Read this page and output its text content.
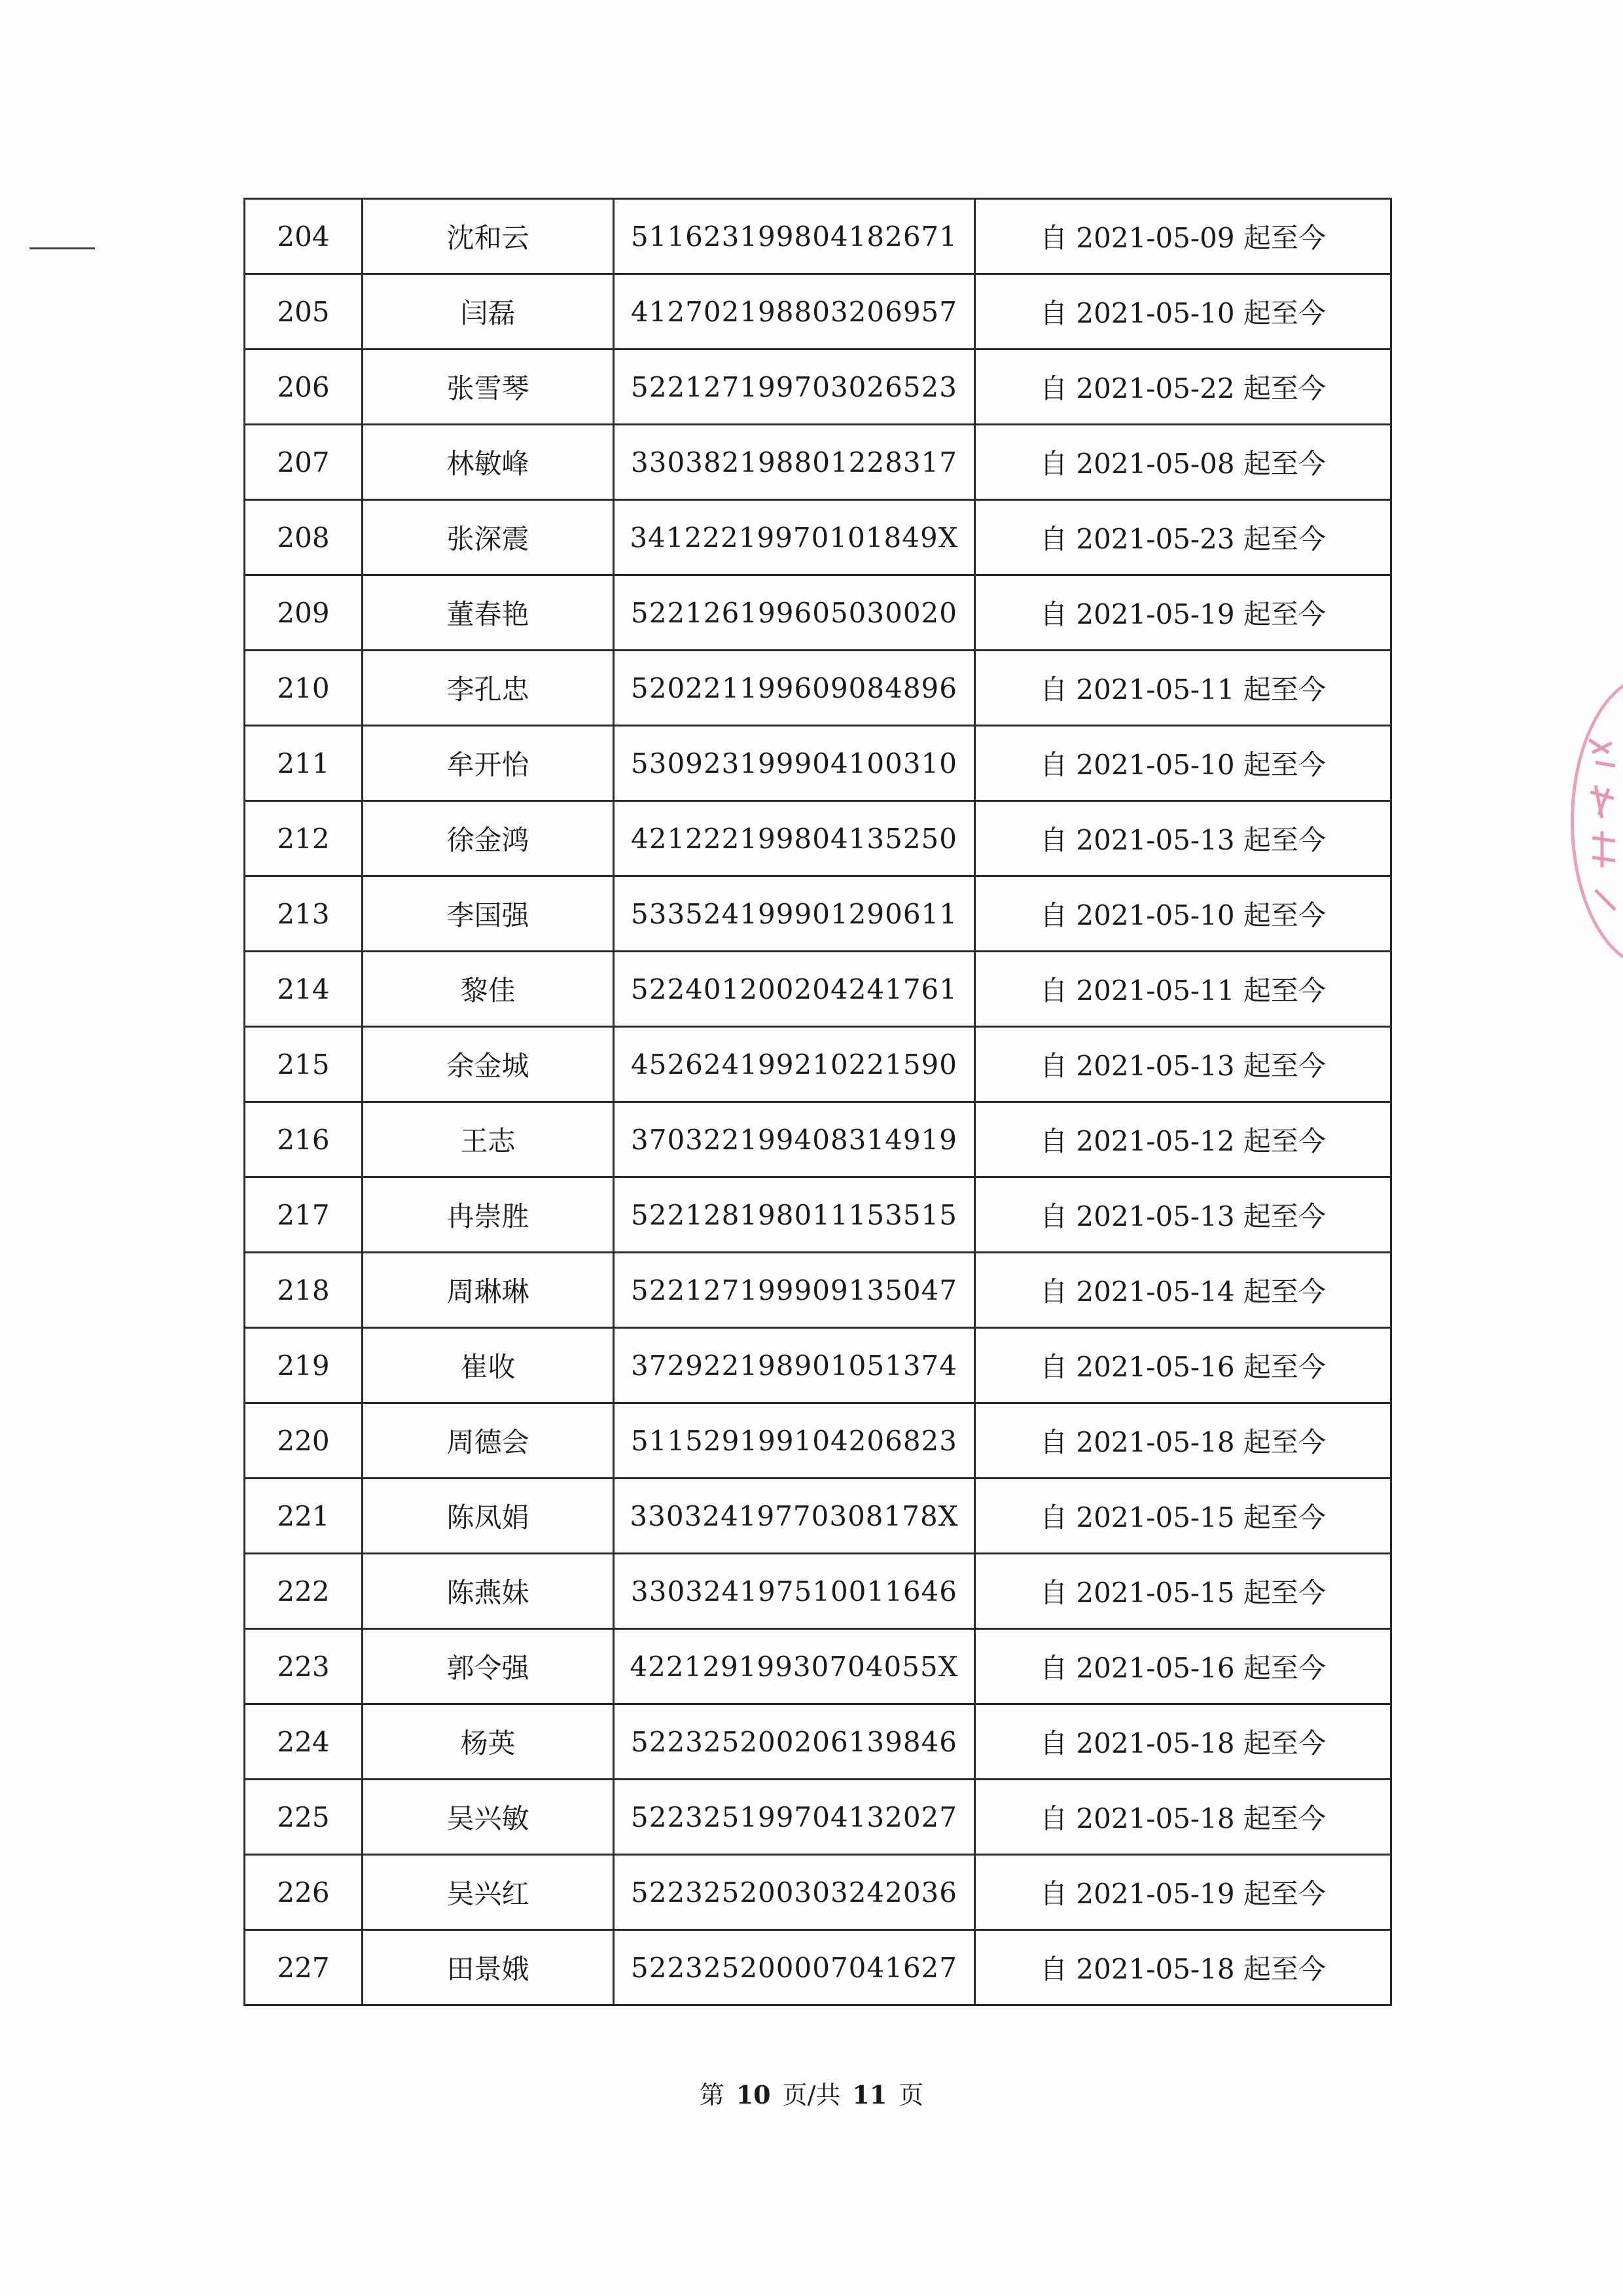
204	沈和云	511623199804182671	自 2021-05-09 起至今
205	闫磊	412702198803206957	自 2021-05-10 起至今
206	张雪琴	522127199703026523	自 2021-05-22 起至今
207	林敏峰	330382198801228317	自 2021-05-08 起至今
208	张深震	34122219970101849X	自 2021-05-23 起至今
209	董春艳	522126199605030020	自 2021-05-19 起至今
210	李孔忠	520221199609084896	自 2021-05-11 起至今
211	牟开怡	530923199904100310	自 2021-05-10 起至今
212	徐金鸿	421222199804135250	自 2021-05-13 起至今
213	李国强	533524199901290611	自 2021-05-10 起至今
214	黎佳	522401200204241761	自 2021-05-11 起至今
215	余金城	452624199210221590	自 2021-05-13 起至今
216	王志	370322199408314919	自 2021-05-12 起至今
217	冉崇胜	522128198011153515	自 2021-05-13 起至今
218	周琳琳	522127199909135047	自 2021-05-14 起至今
219	崔收	372922198901051374	自 2021-05-16 起至今
220	周德会	511529199104206823	自 2021-05-18 起至今
221	陈凤娟	33032419770308178X	自 2021-05-15 起至今
222	陈燕妹	330324197510011646	自 2021-05-15 起至今
223	郭令强	42212919930704055X	自 2021-05-16 起至今
224	杨英	522325200206139846	自 2021-05-18 起至今
225	吴兴敏	522325199704132027	自 2021-05-18 起至今
226	吴兴红	522325200303242036	自 2021-05-19 起至今
227	田景娥	522325200007041627	自 2021-05-18 起至今
第 10 页/共 11 页
